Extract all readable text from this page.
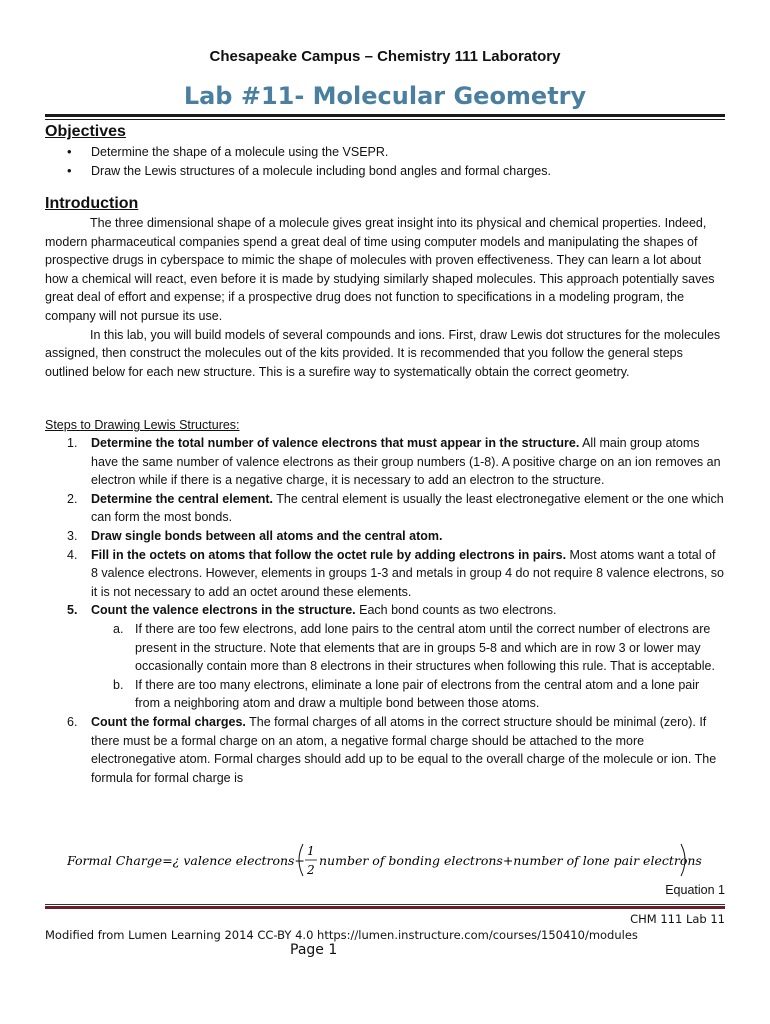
Chesapeake Campus – Chemistry 111 Laboratory
Lab #11- Molecular Geometry
Objectives
• Determine the shape of a molecule using the VSEPR.
• Draw the Lewis structures of a molecule including bond angles and formal charges.
Introduction

The three dimensional shape of a molecule gives great insight into its physical and chemical properties. Indeed, modern pharmaceutical companies spend a great deal of time using computer models and manipulating the shapes of prospective drugs in cyberspace to mimic the shape of molecules with proven effectiveness. They can learn a lot about how a chemical will react, even before it is made by studying similarly shaped molecules. This approach potentially saves great deal of effort and expense; if a prospective drug does not function to specifications in a modeling program, the company will not pursue its use.

In this lab, you will build models of several compounds and ions. First, draw Lewis dot structures for the molecules assigned, then construct the molecules out of the kits provided. It is recommended that you follow the general steps outlined below for each new structure. This is a surefire way to systematically obtain the correct geometry.

Steps to Drawing Lewis Structures:
1. Determine the total number of valence electrons that must appear in the structure. All main group atoms have the same number of valence electrons as their group numbers (1-8). A positive charge on an ion removes an electron while if there is a negative charge, it is necessary to add an electron to the structure.
2. Determine the central element. The central element is usually the least electronegative element or the one which can form the most bonds.
3. Draw single bonds between all atoms and the central atom.
4. Fill in the octets on atoms that follow the octet rule by adding electrons in pairs. Most atoms want a total of 8 valence electrons. However, elements in groups 1-3 and metals in group 4 do not require 8 valence electrons, so it is not necessary to add an octet around these elements.
5. Count the valence electrons in the structure. Each bond counts as two electrons.
a. If there are too few electrons, add lone pairs to the central atom until the correct number of electrons are present in the structure. Note that elements that are in groups 5-8 and which are in row 3 or lower may occasionally contain more than 8 electrons in their structures when following this rule. That is acceptable.
b. If there are too many electrons, eliminate a lone pair of electrons from the central atom and a lone pair from a neighboring atom and draw a multiple bond between those atoms.
6. Count the formal charges. The formal charges of all atoms in the correct structure should be minimal (zero). If there must be a formal charge on an atom, a negative formal charge should be attached to the more electronegative atom. Formal charges should add up to be equal to the overall charge of the molecule or ion. The formula for formal charge is
Formal Charge=¿ valence electrons−
1
2
number of bonding electrons+number of lone pair electrons
Equation 1
CHM 111 Lab 11
Modified from Lumen Learning 2014 CC-BY 4.0 https://lumen.instructure.com/courses/150410/modules
Page 1
